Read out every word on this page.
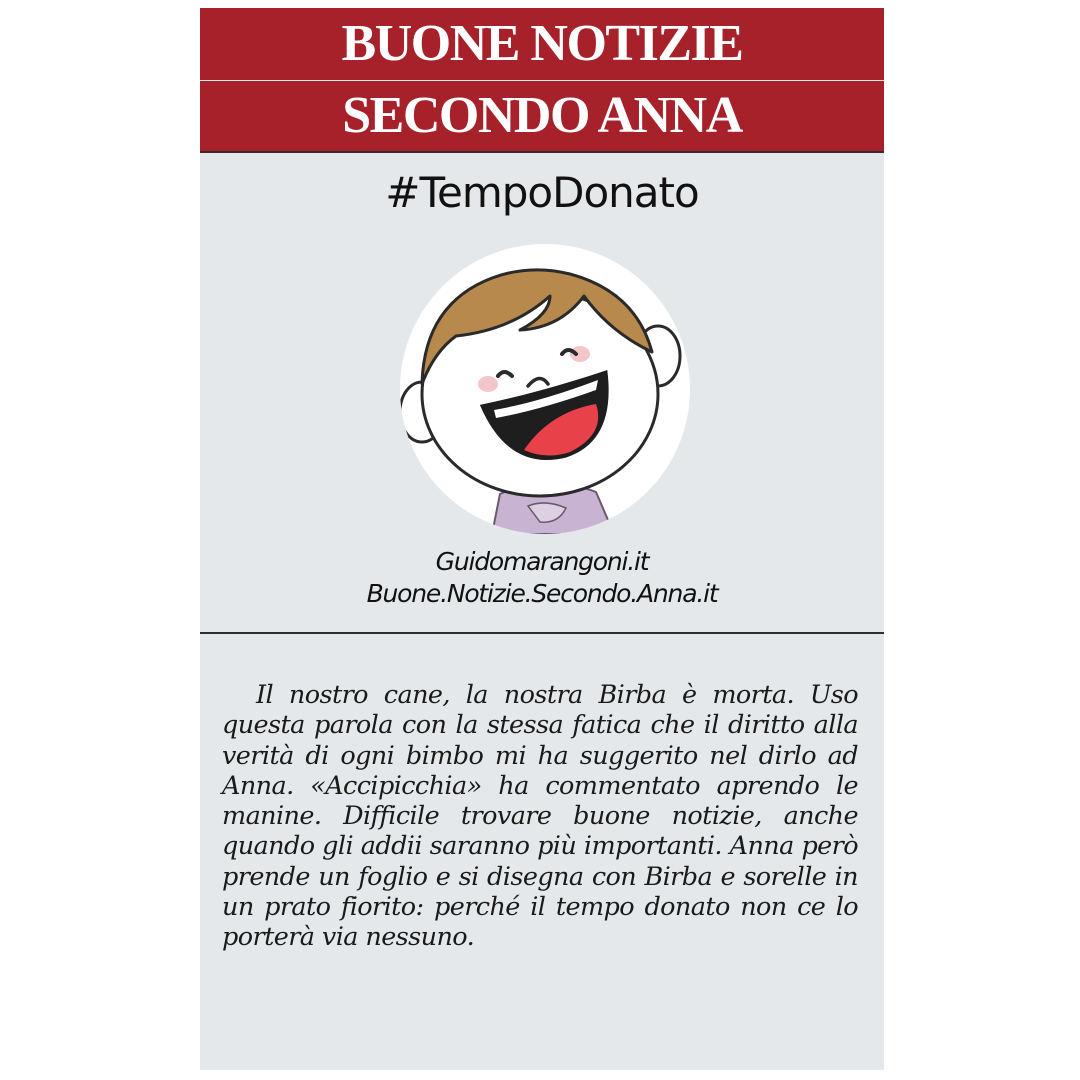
BUONE NOTIZIE
SECONDO ANNA
#TempoDonato
Guidomarangoni.it
Buone.Notizie.Secondo.Anna.it

Il nostro cane, la nostra Birba è morta. Uso questa parola con la stessa fatica che il diritto alla verità di ogni bimbo mi ha suggerito nel dirlo ad Anna. «Accipicchia» ha commentato aprendo le manine. Difficile trovare buone notizie, anche quando gli addii saranno più importanti. Anna però prende un foglio e si disegna con Birba e sorelle in un prato fiorito: perché il tempo donato non ce lo porterà via nessuno.
